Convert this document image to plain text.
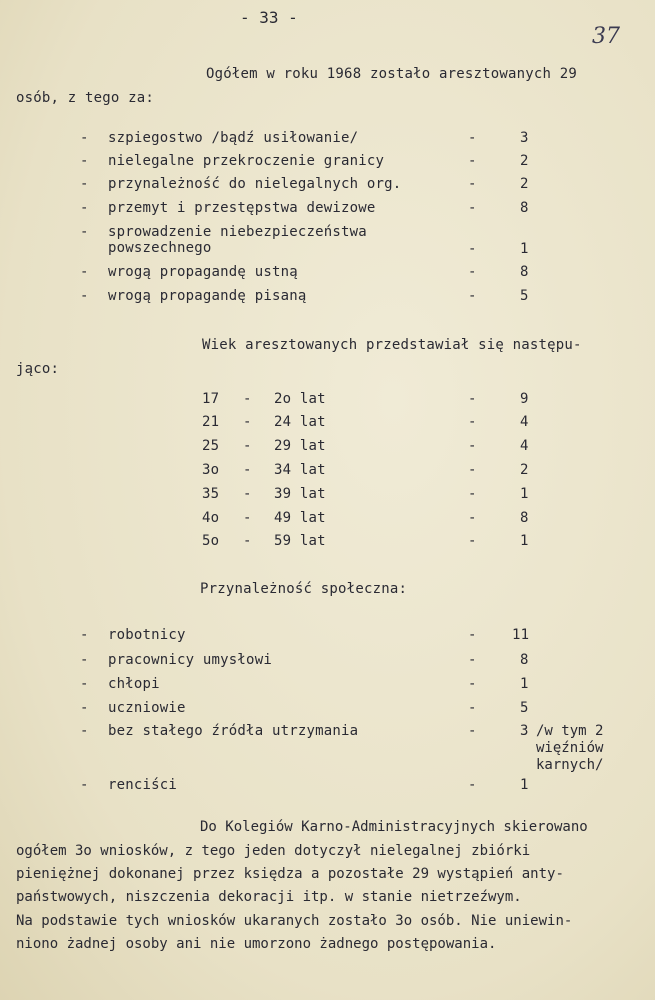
- 33 -
37
Ogółem w roku 1968 zostało aresztowanych 29
osób, z tego za:
- szpiegostwo /bądź usiłowanie/	-	3
- nielegalne przekroczenie granicy	-	2
- przynależność do nielegalnych org.	-	2
- przemyt i przestępstwa dewizowe	-	8
- sprowadzenie niebezpieczeństwa
powszechnego	-	1
- wrogą propagandę ustną	-	8
- wrogą propagandę pisaną	-	5
Wiek aresztowanych przedstawiał się następu-
jąco:
17 - 2o lat	-	9
21 - 24 lat	-	4
25 - 29 lat	-	4
3o - 34 lat	-	2
35 - 39 lat	-	1
4o - 49 lat	-	8
5o - 59 lat	-	1
Przynależność społeczna:
- robotnicy	-	11
- pracownicy umysłowi	-	8
- chłopi	-	1
- uczniowie	-	5
- bez stałego źródła utrzymania	-	3 /w tym 2
więźniów
karnych/
- renciści	-	1
Do Kolegiów Karno-Administracyjnych skierowano
ogółem 3o wniosków, z tego jeden dotyczył nielegalnej zbiórki
pieniężnej dokonanej przez księdza a pozostałe 29 wystąpień anty-
państwowych, niszczenia dekoracji itp. w stanie nietrzeźwym.
Na podstawie tych wniosków ukaranych zostało 3o osób. Nie uniewin-
niono żadnej osoby ani nie umorzono żadnego postępowania.
